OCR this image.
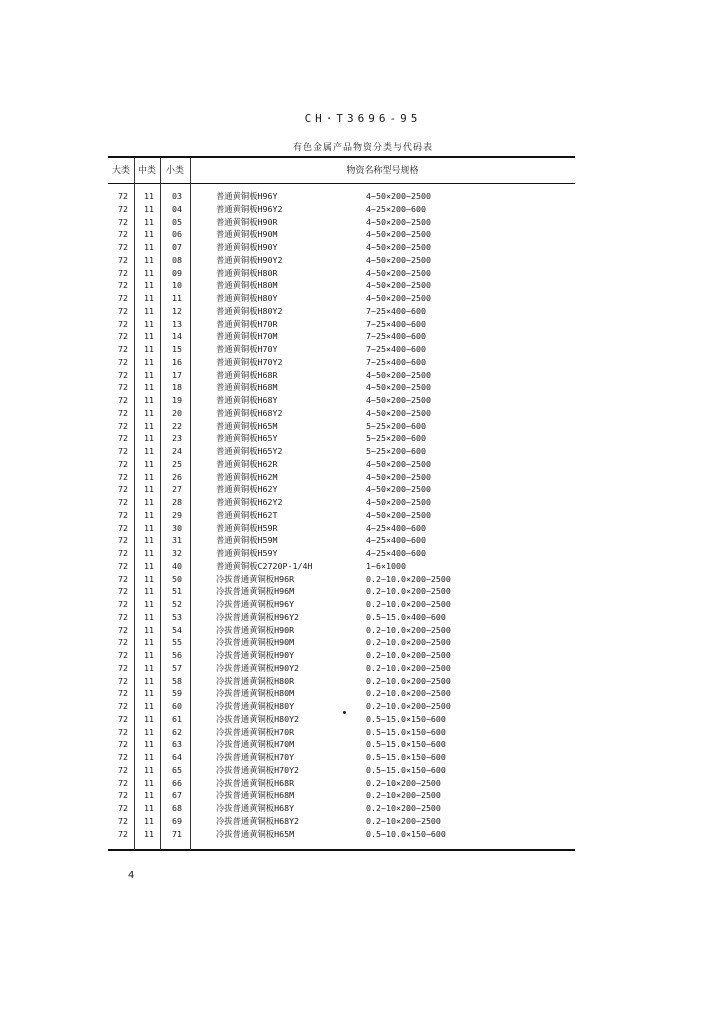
CH·T3696-95
有色金属产品物资分类与代码表
大类 中类	小类	物资名称型号规格
72	11	03	普通黄铜板H96Y	4~50×200~2500
72	11	04	普通黄铜板H96Y2	4~25×200~600
72	11	05	普通黄铜板H90R	4~50×200~2500
72	11	06	普通黄铜板H90M	4~50×200~2500
72	11	07	普通黄铜板H90Y	4~50×200~2500
72	11	08	普通黄铜板H90Y2	4~50×200~2500
72	11	09	普通黄铜板H80R	4~50×200~2500
72	11	10	普通黄铜板H80M	4~50×200~2500
72	11	11	普通黄铜板H80Y	4~50×200~2500
72	11	12	普通黄铜板H80Y2	7~25×400~600
72	11	13	普通黄铜板H70R	7~25×400~600
72	11	14	普通黄铜板H70M	7~25×400~600
72	11	15	普通黄铜板H70Y	7~25×400~600
72	11	16	普通黄铜板H70Y2	7~25×400~600
72	11	17	普通黄铜板H68R	4~50×200~2500
72	11	18	普通黄铜板H68M	4~50×200~2500
72	11	19	普通黄铜板H68Y	4~50×200~2500
72	11	20	普通黄铜板H68Y2	4~50×200~2500
72	11	22	普通黄铜板H65M	5~25×200~600
72	11	23	普通黄铜板H65Y	5~25×200~600
72	11	24	普通黄铜板H65Y2	5~25×200~600
72	11	25	普通黄铜板H62R	4~50×200~2500
72	11	26	普通黄铜板H62M	4~50×200~2500
72	11	27	普通黄铜板H62Y	4~50×200~2500
72	11	28	普通黄铜板H62Y2	4~50×200~2500
72	11	29	普通黄铜板H62T	4~50×200~2500
72	11	30	普通黄铜板H59R	4~25×400~600
72	11	31	普通黄铜板H59M	4~25×400~600
72	11	32	普通黄铜板H59Y	4~25×400~600
72	11	40	普通黄铜板C2720P-1/4H	1~6×1000
72	11	50	冷拔普通黄铜板H96R	0.2~10.0×200~2500
72	11	51	冷拔普通黄铜板H96M	0.2~10.0×200~2500
72	11	52	冷拔普通黄铜板H96Y	0.2~10.0×200~2500
72	11	53	冷拔普通黄铜板H96Y2	0.5~15.0×400~600
72	11	54	冷拔普通黄铜板H90R	0.2~10.0×200~2500
72	11	55	冷拔普通黄铜板H90M	0.2~10.0×200~2500
72	11	56	冷拔普通黄铜板H90Y	0.2~10.0×200~2500
72	11	57	冷拔普通黄铜板H90Y2	0.2~10.0×200~2500
72	11	58	冷拔普通黄铜板H80R	0.2~10.0×200~2500
72	11	59	冷拔普通黄铜板H80M	0.2~10.0×200~2500
72	11	60	冷拔普通黄铜板H80Y	0.2~10.0×200~2500
72	11	61	冷拔普通黄铜板H80Y2	0.5~15.0×150~600
72	11	62	冷拔普通黄铜板H70R	0.5~15.0×150~600
72	11	63	冷拔普通黄铜板H70M	0.5~15.0×150~600
72	11	64	冷拔普通黄铜板H70Y	0.5~15.0×150~600
72	11	65	冷拔普通黄铜板H70Y2	0.5~15.0×150~600
72	11	66	冷拔普通黄铜板H68R	0.2~10×200~2500
72	11	67	冷拔普通黄铜板H68M	0.2~10×200~2500
72	11	68	冷拔普通黄铜板H68Y	0.2~10×200~2500
72	11	69	冷拔普通黄铜板H68Y2	0.2~10×200~2500
72	11	71	冷拔普通黄铜板H65M	0.5~10.0×150~600
4
